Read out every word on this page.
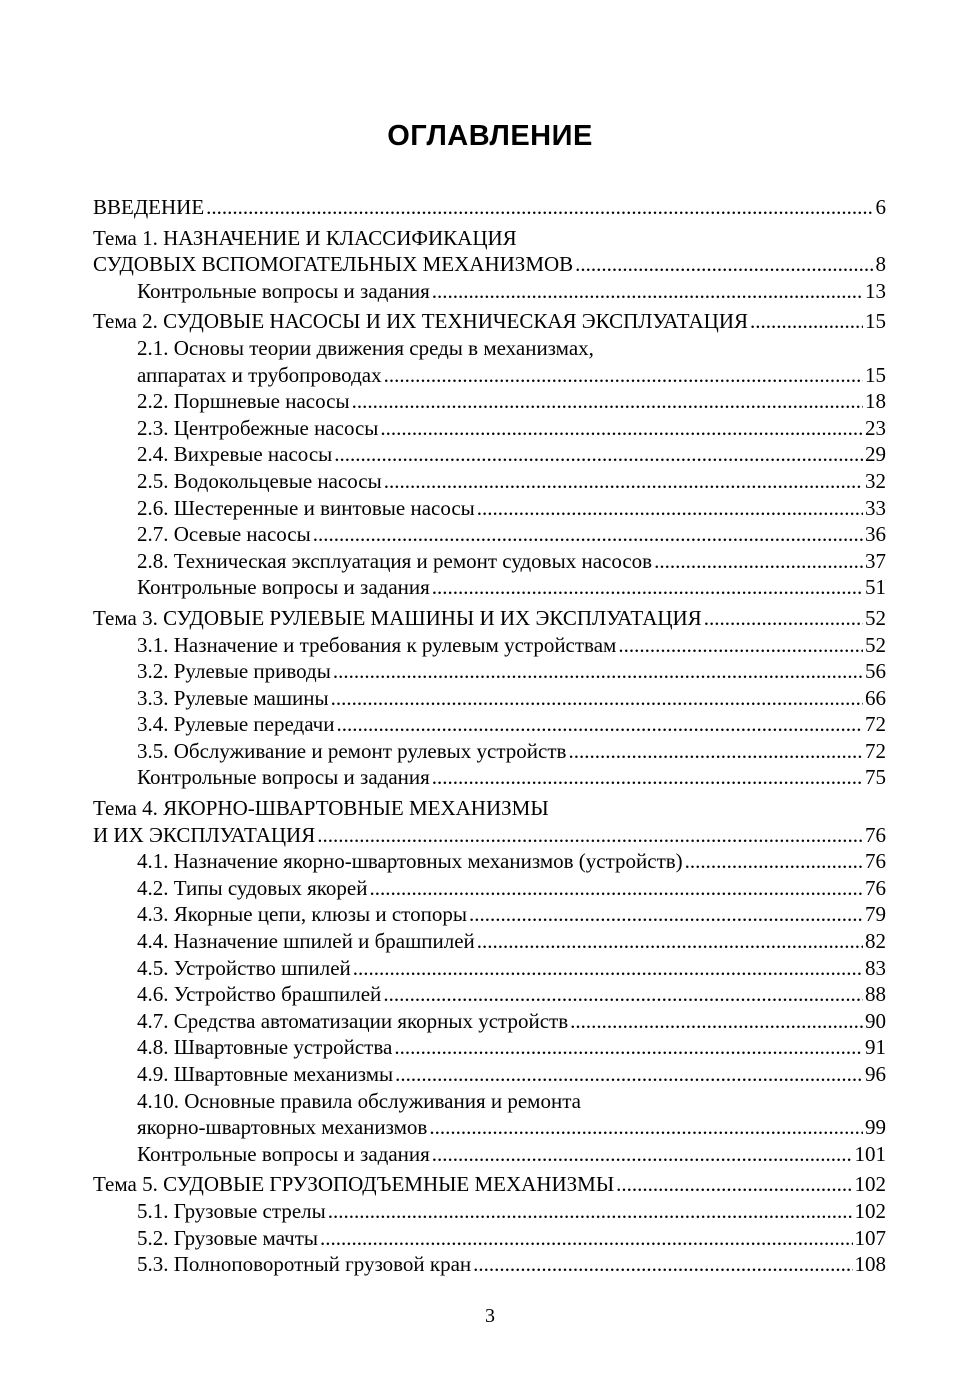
ОГЛАВЛЕНИЕ
ВВЕДЕНИЕ .....	6
Тема 1. НАЗНАЧЕНИЕ И КЛАССИФИКАЦИЯ
СУДОВЫХ ВСПОМОГАТЕЛЬНЫХ МЕХАНИЗМОВ .....	8
Контрольные вопросы и задания .....	13
Тема 2. СУДОВЫЕ НАСОСЫ И ИХ ТЕХНИЧЕСКАЯ ЭКСПЛУАТАЦИЯ .....	15
2.1. Основы теории движения среды в механизмах,
аппаратах и трубопроводах .....	15
2.2. Поршневые насосы .....	18
2.3. Центробежные насосы .....	23
2.4. Вихревые насосы .....	29
2.5. Водокольцевые насосы .....	32
2.6. Шестеренные и винтовые насосы .....	33
2.7. Осевые насосы .....	36
2.8. Техническая эксплуатация и ремонт судовых насосов .....	37
Контрольные вопросы и задания .....	51
Тема 3. СУДОВЫЕ РУЛЕВЫЕ МАШИНЫ И ИХ ЭКСПЛУАТАЦИЯ .....	52
3.1. Назначение и требования к рулевым устройствам .....	52
3.2. Рулевые приводы .....	56
3.3. Рулевые машины .....	66
3.4. Рулевые передачи .....	72
3.5. Обслуживание и ремонт рулевых устройств .....	72
Контрольные вопросы и задания .....	75
Тема 4. ЯКОРНО-ШВАРТОВНЫЕ МЕХАНИЗМЫ
И ИХ ЭКСПЛУАТАЦИЯ .....	76
4.1. Назначение якорно-швартовных механизмов (устройств) .....	76
4.2. Типы судовых якорей .....	76
4.3. Якорные цепи, клюзы и стопоры .....	79
4.4. Назначение шпилей и брашпилей .....	82
4.5. Устройство шпилей .....	83
4.6. Устройство брашпилей .....	88
4.7. Средства автоматизации якорных устройств .....	90
4.8. Швартовные устройства .....	91
4.9. Швартовные механизмы .....	96
4.10. Основные правила обслуживания и ремонта
якорно-швартовных механизмов .....	99
Контрольные вопросы и задания .....	101
Тема 5. СУДОВЫЕ ГРУЗОПОДЪЕМНЫЕ МЕХАНИЗМЫ .....	102
5.1. Грузовые стрелы .....	102
5.2. Грузовые мачты .....	107
5.3. Полноповоротный грузовой кран .....	108
3
